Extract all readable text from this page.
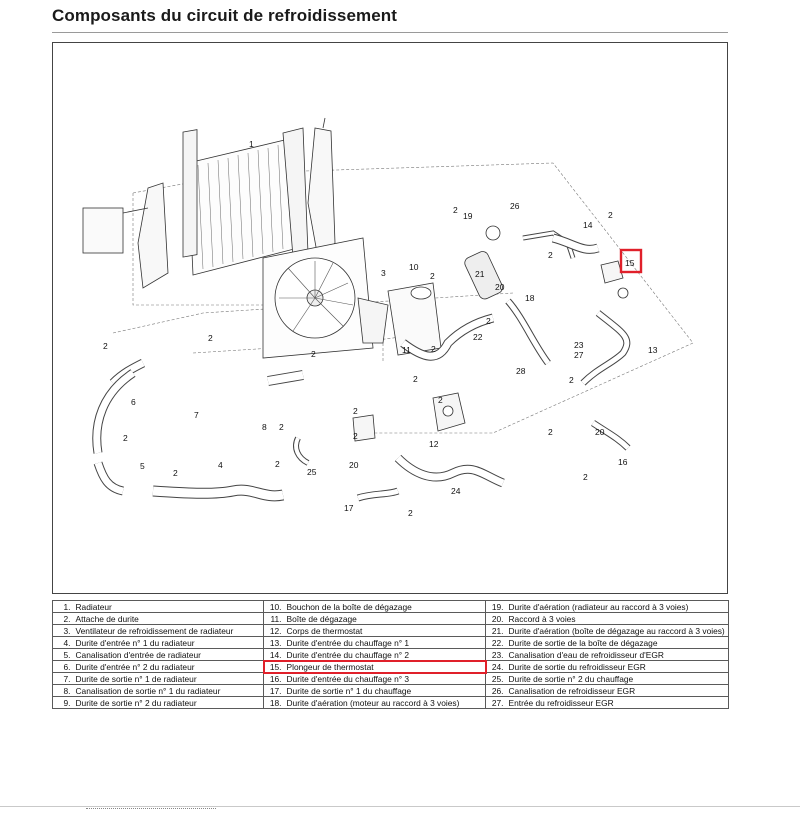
Composants du circuit de refroidissement
1
2
2
2
2
2
2
2
2
2
2
2
2
2
2
2
2
2	2
2
2
2
3
4
5
6
7
8
10
11
12
13
14
15
16
17
18
19
20
20
20
21
22
23
24
25
26
27
28
1.	Radiateur	10.	Bouchon de la boîte de dégazage	19.	Durite d'aération (radiateur au raccord à 3 voies)
2.	Attache de durite	11.	Boîte de dégazage	20.	Raccord à 3 voies
3.	Ventilateur de refroidissement de radiateur	12.	Corps de thermostat	21.	Durite d'aération (boîte de dégazage au raccord à 3 voies)
4.	Durite d'entrée n° 1 du radiateur	13.	Durite d'entrée du chauffage n° 1	22.	Durite de sortie de la boîte de dégazage
5.	Canalisation d'entrée de radiateur	14.	Durite d'entrée du chauffage n° 2	23.	Canalisation d'eau de refroidisseur d'EGR
6.	Durite d'entrée n° 2 du radiateur	15.	Plongeur de thermostat	24.	Durite de sortie du refroidisseur EGR
7.	Durite de sortie n° 1 de radiateur	16.	Durite d'entrée du chauffage n° 3	25.	Durite de sortie n° 2 du chauffage
8.	Canalisation de sortie n° 1 du radiateur	17.	Durite de sortie n° 1 du chauffage	26.	Canalisation de refroidisseur EGR
9.	Durite de sortie n° 2 du radiateur	18.	Durite d'aération (moteur au raccord à 3 voies)	27.	Entrée du refroidisseur EGR
